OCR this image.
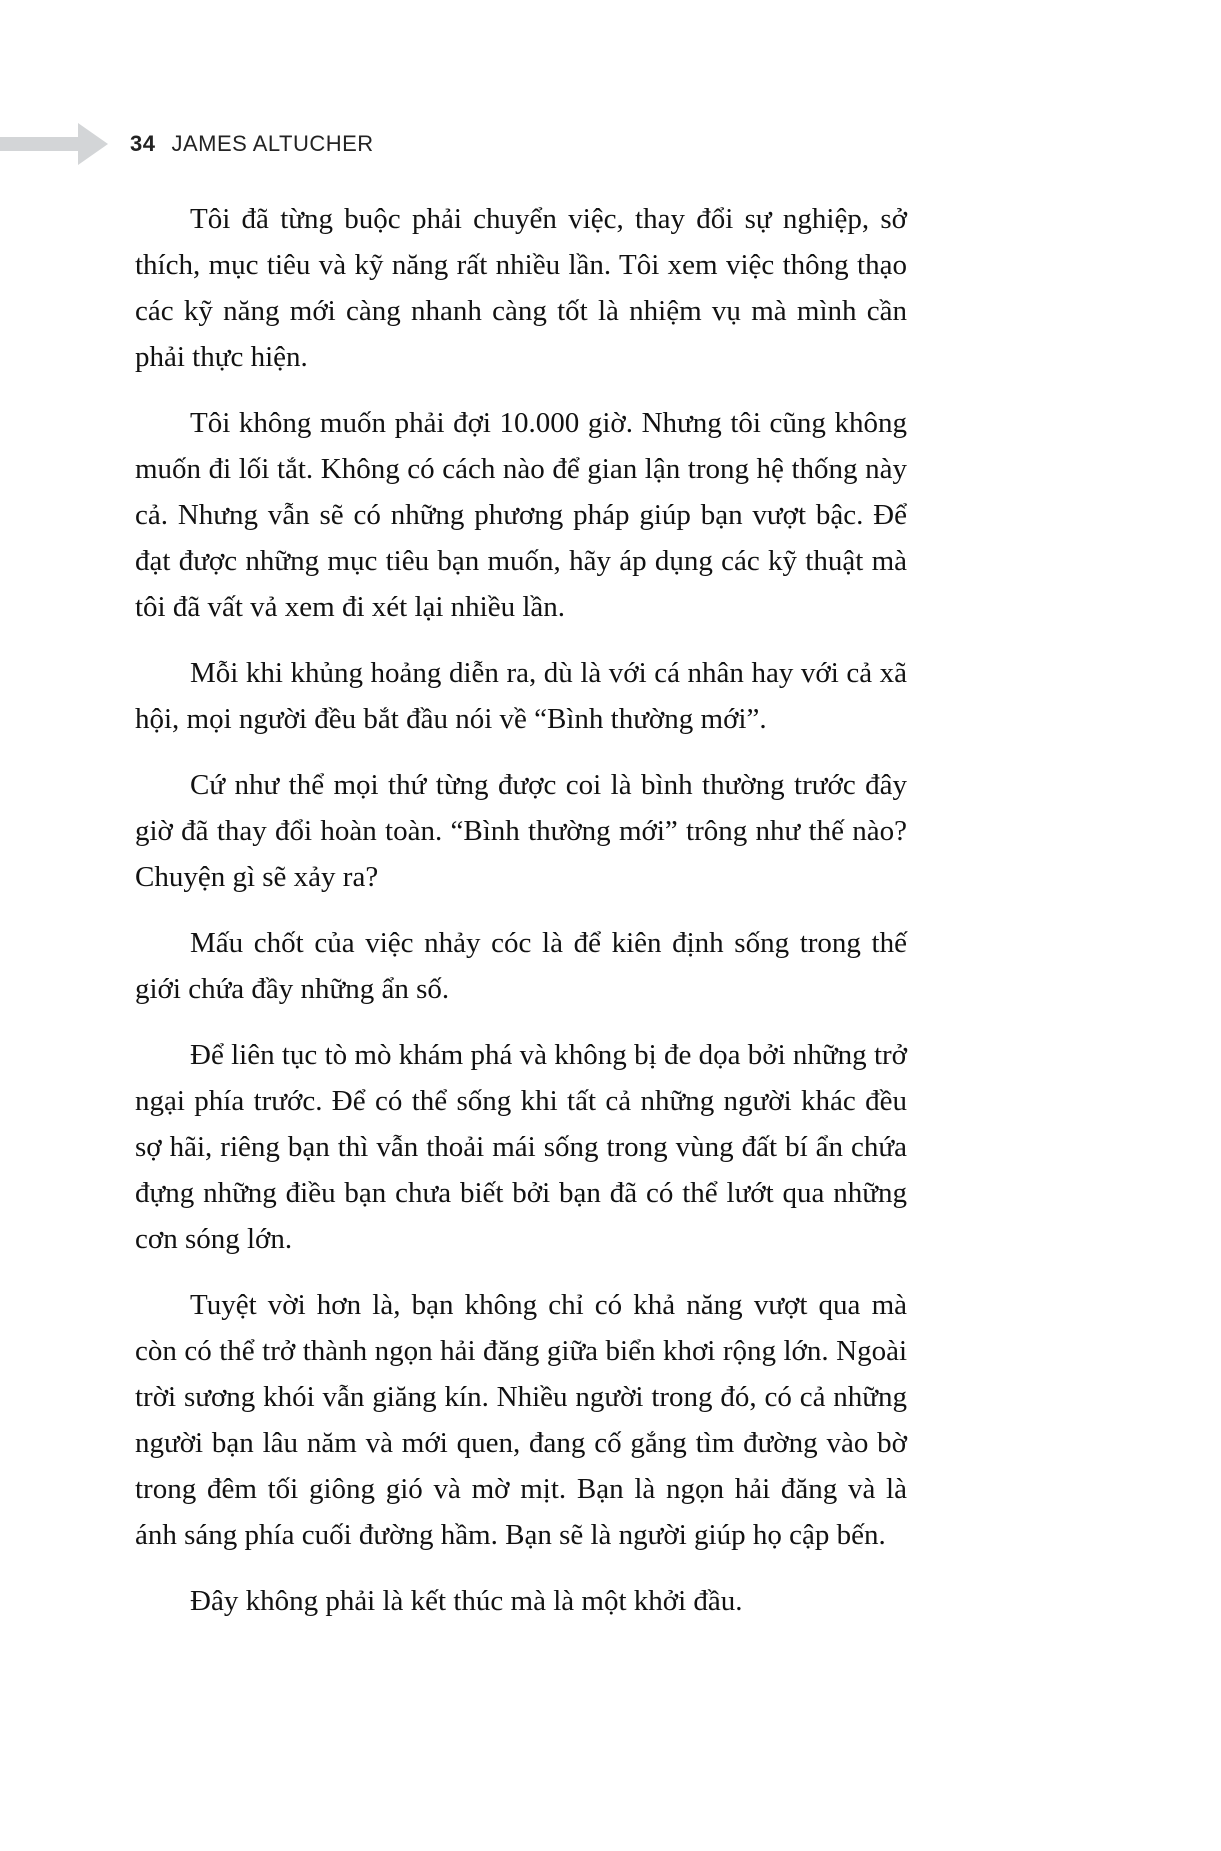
34 JAMES ALTUCHER

Tôi đã từng buộc phải chuyển việc, thay đổi sự nghiệp, sở thích, mục tiêu và kỹ năng rất nhiều lần. Tôi xem việc thông thạo các kỹ năng mới càng nhanh càng tốt là nhiệm vụ mà mình cần phải thực hiện.

Tôi không muốn phải đợi 10.000 giờ. Nhưng tôi cũng không muốn đi lối tắt. Không có cách nào để gian lận trong hệ thống này cả. Nhưng vẫn sẽ có những phương pháp giúp bạn vượt bậc. Để đạt được những mục tiêu bạn muốn, hãy áp dụng các kỹ thuật mà tôi đã vất vả xem đi xét lại nhiều lần.

Mỗi khi khủng hoảng diễn ra, dù là với cá nhân hay với cả xã hội, mọi người đều bắt đầu nói về “Bình thường mới”.

Cứ như thể mọi thứ từng được coi là bình thường trước đây giờ đã thay đổi hoàn toàn. “Bình thường mới” trông như thế nào? Chuyện gì sẽ xảy ra?

Mấu chốt của việc nhảy cóc là để kiên định sống trong thế giới chứa đầy những ẩn số.

Để liên tục tò mò khám phá và không bị đe dọa bởi những trở ngại phía trước. Để có thể sống khi tất cả những người khác đều sợ hãi, riêng bạn thì vẫn thoải mái sống trong vùng đất bí ẩn chứa đựng những điều bạn chưa biết bởi bạn đã có thể lướt qua những cơn sóng lớn.

Tuyệt vời hơn là, bạn không chỉ có khả năng vượt qua mà còn có thể trở thành ngọn hải đăng giữa biển khơi rộng lớn. Ngoài trời sương khói vẫn giăng kín. Nhiều người trong đó, có cả những người bạn lâu năm và mới quen, đang cố gắng tìm đường vào bờ trong đêm tối giông gió và mờ mịt. Bạn là ngọn hải đăng và là ánh sáng phía cuối đường hầm. Bạn sẽ là người giúp họ cập bến.

Đây không phải là kết thúc mà là một khởi đầu.
